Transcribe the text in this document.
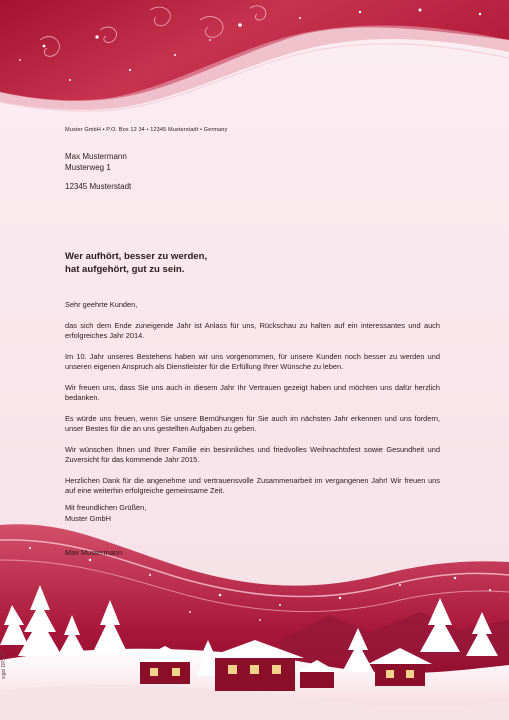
Muster GmbH • P.O. Box 12 34 • 12345 Musterstadt • Germany
Max Mustermann
Musterweg 1
12345 Musterstadt
Wer aufhört, besser zu werden,
hat aufgehört, gut zu sein.

Sehr geehrte Kunden,

das sich dem Ende zuneigende Jahr ist Anlass für uns, Rückschau zu halten auf ein interessantes und auch erfolgreiches Jahr 2014.

Im 10. Jahr unseres Bestehens haben wir uns vorgenommen, für unsere Kunden noch besser zu werden und unseren eigenen Anspruch als Dienstleister für die Erfüllung Ihrer Wünsche zu leben.

Wir freuen uns, dass Sie uns auch in diesem Jahr Ihr Vertrauen gezeigt haben und möchten uns dafür herzlich bedanken.

Es würde uns freuen, wenn Sie unsere Bemühungen für Sie auch im nächsten Jahr erkennen und uns fordern, unser Bestes für die an uns gestellten Aufgaben zu geben.

Wir wünschen Ihnen und Ihrer Familie ein besinnliches und friedvolles Weihnachtsfest sowie Gesundheit und Zuversicht für das kommende Jahr 2015.

Herzlichen Dank für die angenehme und vertrauensvolle Zusammenarbeit im vergangenen Jahr! Wir freuen uns auf eine weiterhin erfolgreiche gemeinsame Zeit.

Mit freundlichen Grüßen,
Muster GmbH
Max Mustermann
sigel DP138
